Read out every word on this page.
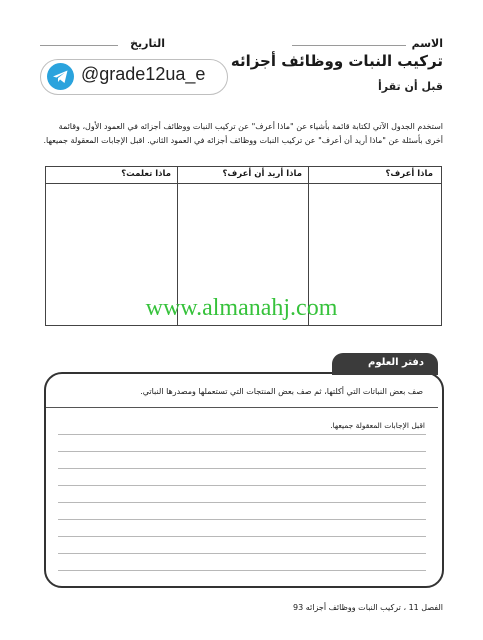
الاسم
التاريخ
@grade12ua_e
تركيب النبات ووظائف أجزائه
قبل أن تقرأ
استخدم الجدول الآتي لكتابة قائمة بأشياء عن "ماذا أعرف" عن تركيب النبات ووظائف أجزائه في العمود الأول، وقائمة أخرى بأسئلة عن "ماذا أريد أن أعرف" عن تركيب النبات ووظائف أجزائه في العمود الثاني. اقبل الإجابات المعقولة جميعها.
ماذا أعرف؟
ماذا أريد أن أعرف؟
ماذا تعلمت؟
www.almanahj.com
دفتر العلوم
صف بعض النباتات التي أكلتها، ثم صف بعض المنتجات التي تستعملها ومصدرها النباتي.
اقبل الإجابات المعقولة جميعها.
الفصل 11 ، تركيب النبات ووظائف أجزائه 93
